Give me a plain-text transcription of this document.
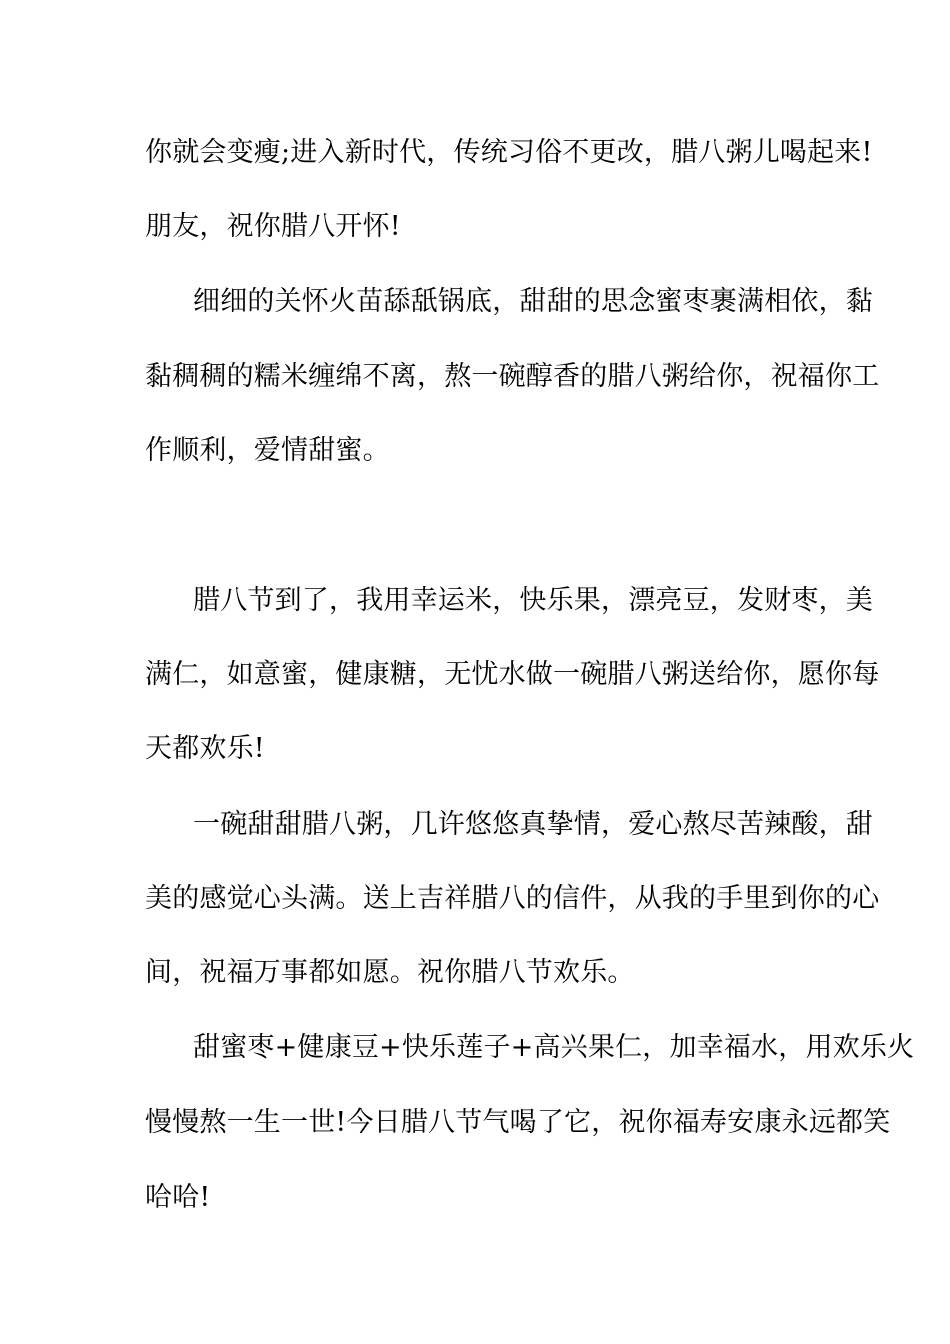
你就会变瘦;进入新时代，传统习俗不更改，腊八粥儿喝起来!
朋友，祝你腊八开怀!
细细的关怀火苗舔舐锅底，甜甜的思念蜜枣裹满相依，黏
黏稠稠的糯米缠绵不离，熬一碗醇香的腊八粥给你，祝福你工
作顺利，爱情甜蜜。
腊八节到了，我用幸运米，快乐果，漂亮豆，发财枣，美
满仁，如意蜜，健康糖，无忧水做一碗腊八粥送给你，愿你每
天都欢乐!
一碗甜甜腊八粥，几许悠悠真挚情，爱心熬尽苦辣酸，甜
美的感觉心头满。送上吉祥腊八的信件，从我的手里到你的心
间，祝福万事都如愿。祝你腊八节欢乐。
甜蜜枣+健康豆+快乐莲子+高兴果仁，加幸福水，用欢乐火
慢慢熬一生一世!今日腊八节气喝了它，祝你福寿安康永远都笑
哈哈!
